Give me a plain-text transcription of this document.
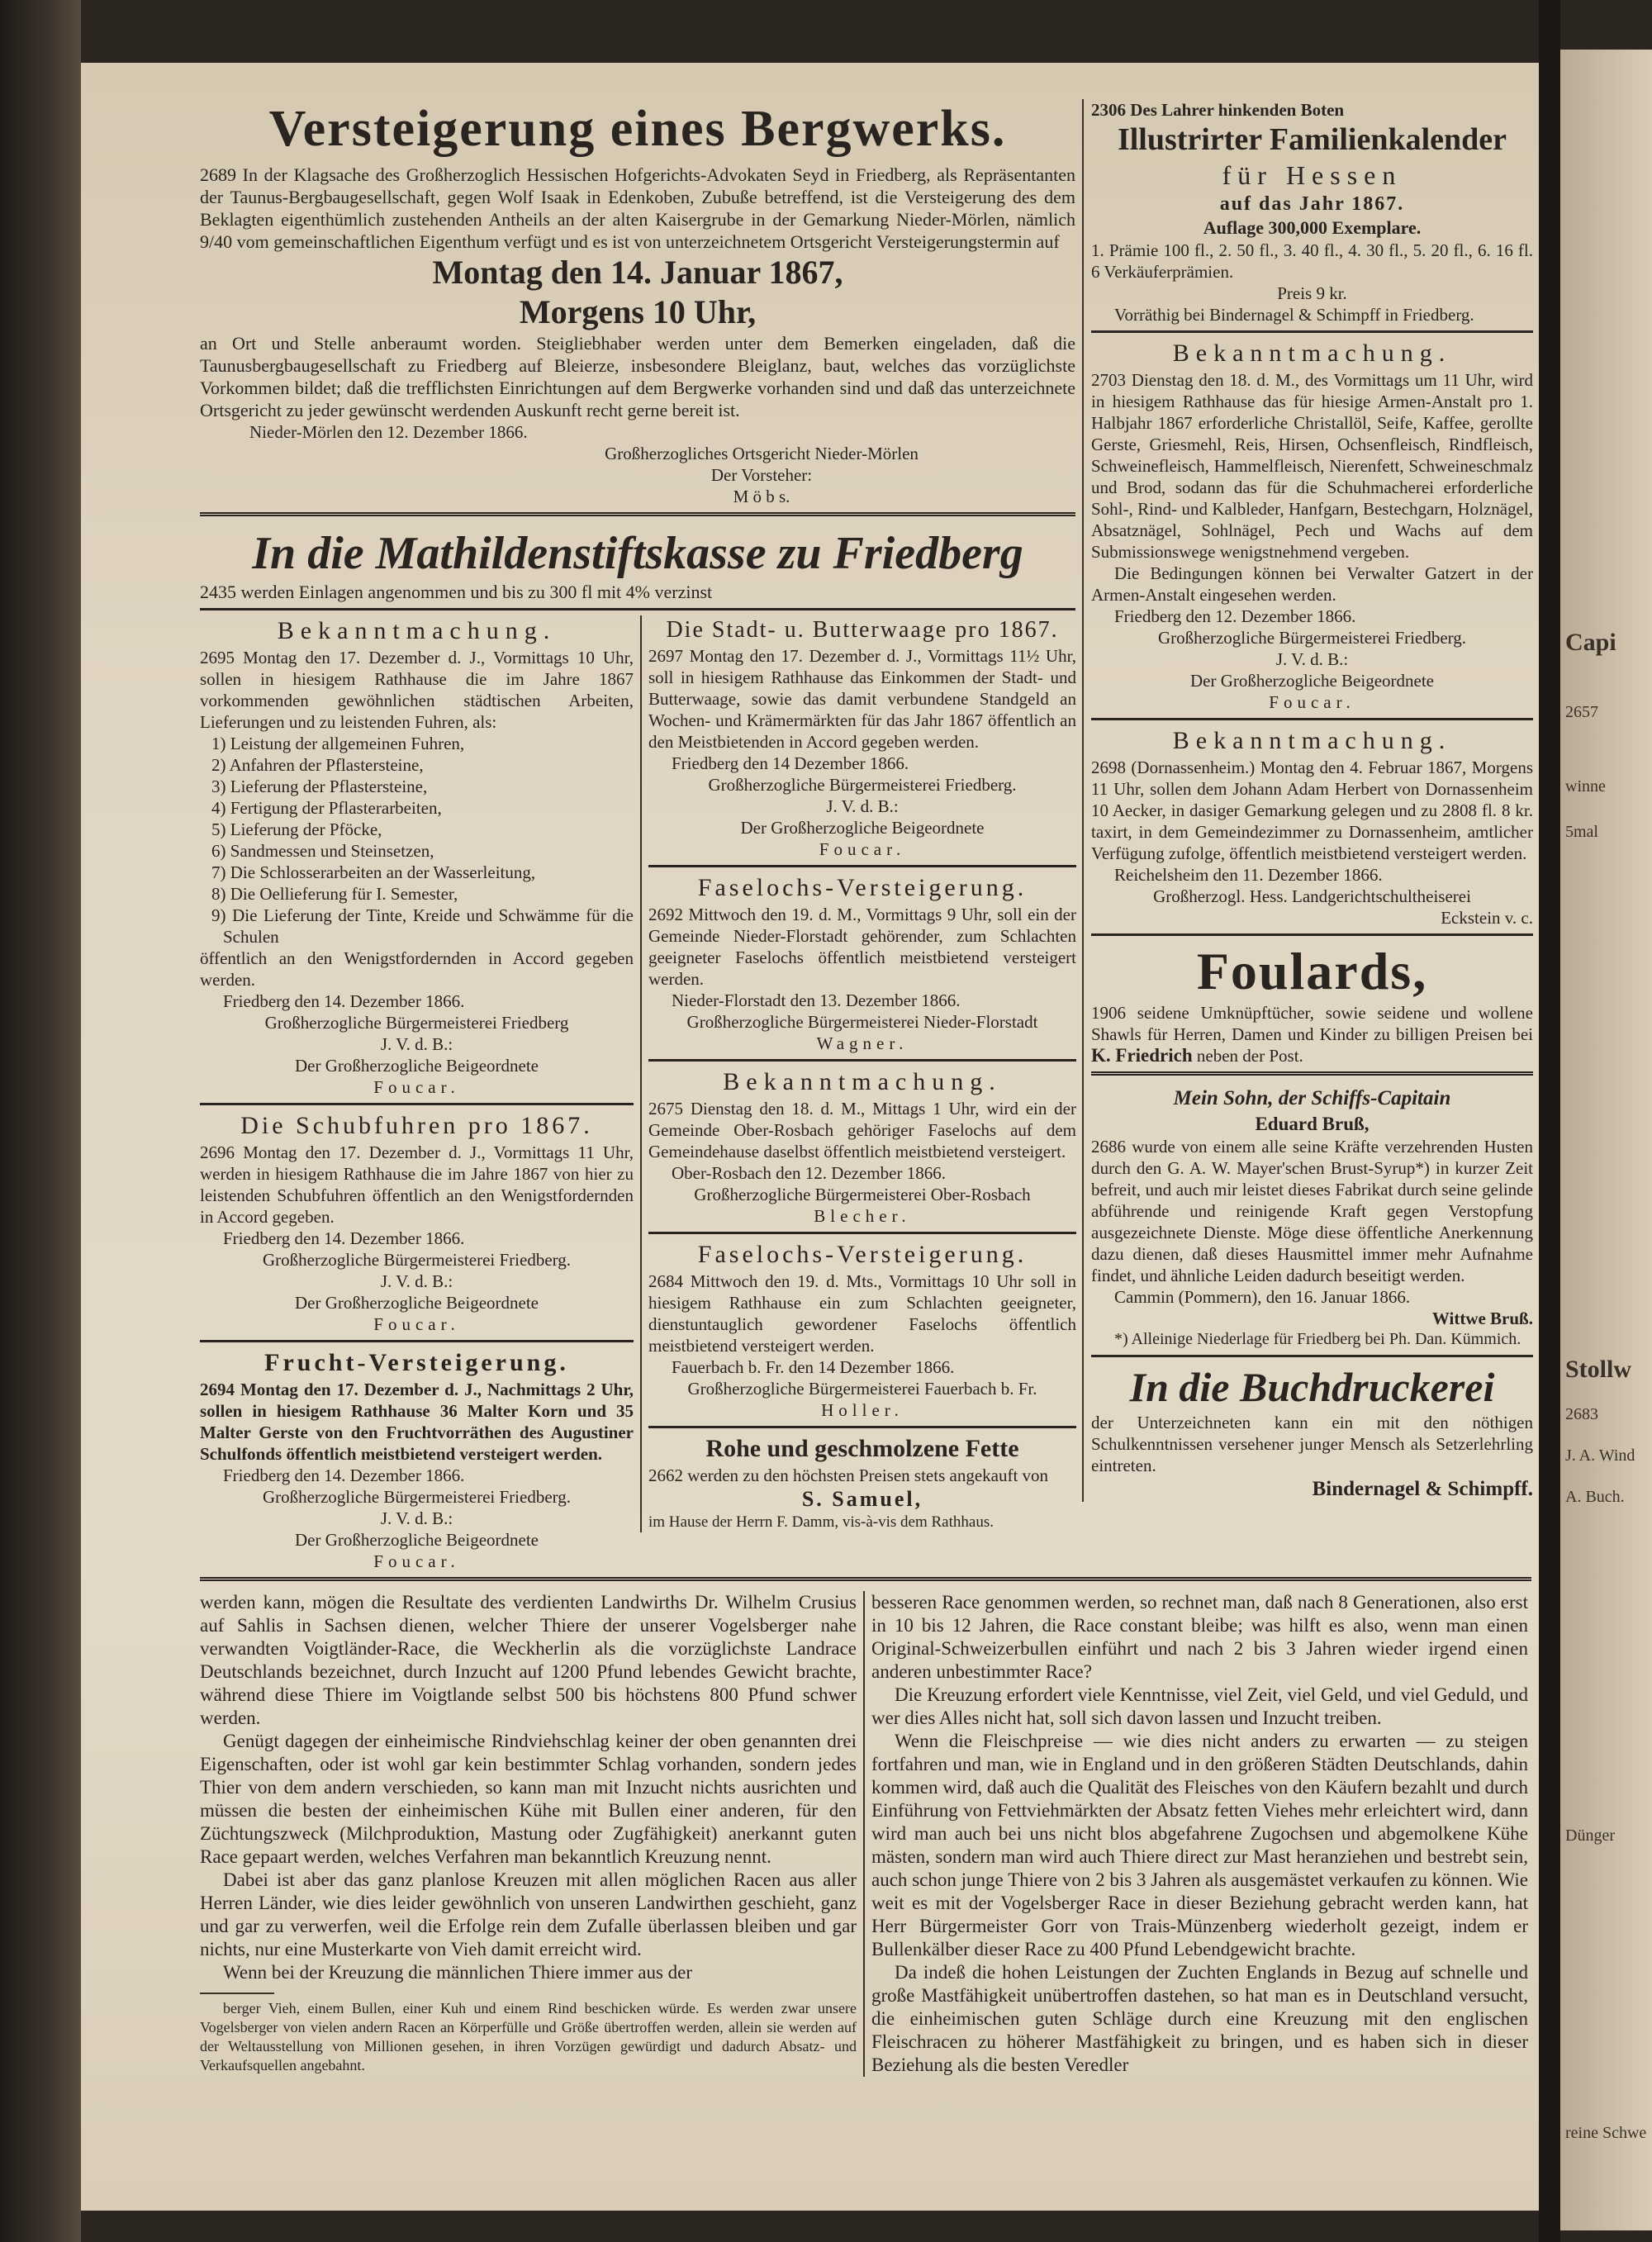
Capi
2657
winne
5mal
Stollw
2683
J. A. Wind
A. Buch.
Dünger
reine Schwe

Versteigerung eines Bergwerks.

2689 In der Klagsache des Großherzoglich Hessischen Hofgerichts-Advokaten Seyd in Friedberg, als Repräsentanten der Taunus-Bergbaugesellschaft, gegen Wolf Isaak in Edenkoben, Zubuße betreffend, ist die Versteigerung des dem Beklagten eigenthümlich zustehenden Antheils an der alten Kaisergrube in der Gemarkung Nieder-Mörlen, nämlich 9/40 vom gemeinschaftlichen Eigenthum verfügt und es ist von unterzeichnetem Ortsgericht Versteigerungstermin auf

Montag den 14. Januar 1867,

Morgens 10 Uhr,

an Ort und Stelle anberaumt worden. Steigliebhaber werden unter dem Bemerken eingeladen, daß die Taunusbergbaugesellschaft zu Friedberg auf Bleierze, insbesondere Bleiglanz, baut, welches das vorzüglichste Vorkommen bildet; daß die trefflichsten Einrichtungen auf dem Bergwerke vorhanden sind und daß das unterzeichnete Ortsgericht zu jeder gewünscht werdenden Auskunft recht gerne bereit ist.

Nieder-Mörlen den 12. Dezember 1866.

Großherzogliches Ortsgericht Nieder-Mörlen

Der Vorsteher:

M ö b s.

In die Mathildenstiftskasse zu Friedberg

2435 werden Einlagen angenommen und bis zu 300 fl mit 4% verzinst

Bekanntmachung.

2695 Montag den 17. Dezember d. J., Vormittags 10 Uhr, sollen in hiesigem Rathhause die im Jahre 1867 vorkommenden gewöhnlichen städtischen Arbeiten, Lieferungen und zu leistenden Fuhren, als:

1) Leistung der allgemeinen Fuhren,

2) Anfahren der Pflastersteine,

3) Lieferung der Pflastersteine,

4) Fertigung der Pflasterarbeiten,

5) Lieferung der Pföcke,

6) Sandmessen und Steinsetzen,

7) Die Schlosserarbeiten an der Wasserleitung,

8) Die Oellieferung für I. Semester,

9) Die Lieferung der Tinte, Kreide und Schwämme für die Schulen

öffentlich an den Wenigstfordernden in Accord gegeben werden.

Friedberg den 14. Dezember 1866.

Großherzogliche Bürgermeisterei Friedberg

J. V. d. B.:

Der Großherzogliche Beigeordnete

Foucar.

Die Schubfuhren pro 1867.

2696 Montag den 17. Dezember d. J., Vormittags 11 Uhr, werden in hiesigem Rathhause die im Jahre 1867 von hier zu leistenden Schubfuhren öffentlich an den Wenigstfordernden in Accord gegeben.

Friedberg den 14. Dezember 1866.

Großherzogliche Bürgermeisterei Friedberg.

J. V. d. B.:

Der Großherzogliche Beigeordnete

Foucar.

Frucht-Versteigerung.

2694 Montag den 17. Dezember d. J., Nachmittags 2 Uhr, sollen in hiesigem Rathhause 36 Malter Korn und 35 Malter Gerste von den Fruchtvorräthen des Augustiner Schulfonds öffentlich meistbietend versteigert werden.

Friedberg den 14. Dezember 1866.

Großherzogliche Bürgermeisterei Friedberg.

J. V. d. B.:

Der Großherzogliche Beigeordnete

Foucar.

Die Stadt- u. Butterwaage pro 1867.

2697 Montag den 17. Dezember d. J., Vormittags 11½ Uhr, soll in hiesigem Rathhause das Einkommen der Stadt- und Butterwaage, sowie das damit verbundene Standgeld an Wochen- und Krämermärkten für das Jahr 1867 öffentlich an den Meistbietenden in Accord gegeben werden.

Friedberg den 14 Dezember 1866.

Großherzogliche Bürgermeisterei Friedberg.

J. V. d. B.:

Der Großherzogliche Beigeordnete

Foucar.

Faselochs-Versteigerung.

2692 Mittwoch den 19. d. M., Vormittags 9 Uhr, soll ein der Gemeinde Nieder-Florstadt gehörender, zum Schlachten geeigneter Faselochs öffentlich meistbietend versteigert werden.

Nieder-Florstadt den 13. Dezember 1866.

Großherzogliche Bürgermeisterei Nieder-Florstadt

Wagner.

Bekanntmachung.

2675 Dienstag den 18. d. M., Mittags 1 Uhr, wird ein der Gemeinde Ober-Rosbach gehöriger Faselochs auf dem Gemeindehause daselbst öffentlich meistbietend versteigert.

Ober-Rosbach den 12. Dezember 1866.

Großherzogliche Bürgermeisterei Ober-Rosbach

Blecher.

Faselochs-Versteigerung.

2684 Mittwoch den 19. d. Mts., Vormittags 10 Uhr soll in hiesigem Rathhause ein zum Schlachten geeigneter, dienstuntauglich gewordener Faselochs öffentlich meistbietend versteigert werden.

Fauerbach b. Fr. den 14 Dezember 1866.

Großherzogliche Bürgermeisterei Fauerbach b. Fr.

Holler.

Rohe und geschmolzene Fette

2662 werden zu den höchsten Preisen stets angekauft von

S. Samuel,

im Hause der Herrn F. Damm, vis-à-vis dem Rathhaus.

2306 Des Lahrer hinkenden Boten

Illustrirter Familienkalender

für Hessen

auf das Jahr 1867.

Auflage 300,000 Exemplare.

1. Prämie 100 fl., 2. 50 fl., 3. 40 fl., 4. 30 fl., 5. 20 fl., 6. 16 fl. 6 Verkäuferprämien.

Preis 9 kr.

Vorräthig bei Bindernagel & Schimpff in Friedberg.

Bekanntmachung.

2703 Dienstag den 18. d. M., des Vormittags um 11 Uhr, wird in hiesigem Rathhause das für hiesige Armen-Anstalt pro 1. Halbjahr 1867 erforderliche Christallöl, Seife, Kaffee, gerollte Gerste, Griesmehl, Reis, Hirsen, Ochsenfleisch, Rindfleisch, Schweinefleisch, Hammelfleisch, Nierenfett, Schweineschmalz und Brod, sodann das für die Schuhmacherei erforderliche Sohl-, Rind- und Kalbleder, Hanfgarn, Bestechgarn, Holznägel, Absatznägel, Sohlnägel, Pech und Wachs auf dem Submissionswege wenigstnehmend vergeben.

Die Bedingungen können bei Verwalter Gatzert in der Armen-Anstalt eingesehen werden.

Friedberg den 12. Dezember 1866.

Großherzogliche Bürgermeisterei Friedberg.

J. V. d. B.:

Der Großherzogliche Beigeordnete

Foucar.

Bekanntmachung.

2698 (Dornassenheim.) Montag den 4. Februar 1867, Morgens 11 Uhr, sollen dem Johann Adam Herbert von Dornassenheim 10 Aecker, in dasiger Gemarkung gelegen und zu 2808 fl. 8 kr. taxirt, in dem Gemeindezimmer zu Dornassenheim, amtlicher Verfügung zufolge, öffentlich meistbietend versteigert werden.

Reichelsheim den 11. Dezember 1866.

Großherzogl. Hess. Landgerichtschultheiserei

Eckstein v. c.

Foulards,

1906 seidene Umknüpftücher, sowie seidene und wollene Shawls für Herren, Damen und Kinder zu billigen Preisen bei K. Friedrich neben der Post.

Mein Sohn, der Schiffs-Capitain

Eduard Bruß,

2686 wurde von einem alle seine Kräfte verzehrenden Husten durch den G. A. W. Mayer'schen Brust-Syrup*) in kurzer Zeit befreit, und auch mir leistet dieses Fabrikat durch seine gelinde abführende und reinigende Kraft gegen Verstopfung ausgezeichnete Dienste. Möge diese öffentliche Anerkennung dazu dienen, daß dieses Hausmittel immer mehr Aufnahme findet, und ähnliche Leiden dadurch beseitigt werden.

Cammin (Pommern), den 16. Januar 1866.

Wittwe Bruß.

*) Alleinige Niederlage für Friedberg bei Ph. Dan. Kümmich.

In die Buchdruckerei

der Unterzeichneten kann ein mit den nöthigen Schulkenntnissen versehener junger Mensch als Setzerlehrling eintreten.

Bindernagel & Schimpff.

werden kann, mögen die Resultate des verdienten Landwirths Dr. Wilhelm Crusius auf Sahlis in Sachsen dienen, welcher Thiere der unserer Vogelsberger nahe verwandten Voigtländer-Race, die Weckherlin als die vorzüglichste Landrace Deutschlands bezeichnet, durch Inzucht auf 1200 Pfund lebendes Gewicht brachte, während diese Thiere im Voigtlande selbst 500 bis höchstens 800 Pfund schwer werden.

Genügt dagegen der einheimische Rindviehschlag keiner der oben genannten drei Eigenschaften, oder ist wohl gar kein bestimmter Schlag vorhanden, sondern jedes Thier von dem andern verschieden, so kann man mit Inzucht nichts ausrichten und müssen die besten der einheimischen Kühe mit Bullen einer anderen, für den Züchtungszweck (Milchproduktion, Mastung oder Zugfähigkeit) anerkannt guten Race gepaart werden, welches Verfahren man bekanntlich Kreuzung nennt.

Dabei ist aber das ganz planlose Kreuzen mit allen möglichen Racen aus aller Herren Länder, wie dies leider gewöhnlich von unseren Landwirthen geschieht, ganz und gar zu verwerfen, weil die Erfolge rein dem Zufalle überlassen bleiben und gar nichts, nur eine Musterkarte von Vieh damit erreicht wird.

Wenn bei der Kreuzung die männlichen Thiere immer aus der

berger Vieh, einem Bullen, einer Kuh und einem Rind beschicken würde. Es werden zwar unsere Vogelsberger von vielen andern Racen an Körperfülle und Größe übertroffen werden, allein sie werden auf der Weltausstellung von Millionen gesehen, in ihren Vorzügen gewürdigt und dadurch Absatz- und Verkaufsquellen angebahnt.

besseren Race genommen werden, so rechnet man, daß nach 8 Generationen, also erst in 10 bis 12 Jahren, die Race constant bleibe; was hilft es also, wenn man einen Original-Schweizerbullen einführt und nach 2 bis 3 Jahren wieder irgend einen anderen unbestimmter Race?

Die Kreuzung erfordert viele Kenntnisse, viel Zeit, viel Geld, und viel Geduld, und wer dies Alles nicht hat, soll sich davon lassen und Inzucht treiben.

Wenn die Fleischpreise — wie dies nicht anders zu erwarten — zu steigen fortfahren und man, wie in England und in den größeren Städten Deutschlands, dahin kommen wird, daß auch die Qualität des Fleisches von den Käufern bezahlt und durch Einführung von Fettviehmärkten der Absatz fetten Viehes mehr erleichtert wird, dann wird man auch bei uns nicht blos abgefahrene Zugochsen und abgemolkene Kühe mästen, sondern man wird auch Thiere direct zur Mast heranziehen und bestrebt sein, auch schon junge Thiere von 2 bis 3 Jahren als ausgemästet verkaufen zu können. Wie weit es mit der Vogelsberger Race in dieser Beziehung gebracht werden kann, hat Herr Bürgermeister Gorr von Trais-Münzenberg wiederholt gezeigt, indem er Bullenkälber dieser Race zu 400 Pfund Lebendgewicht brachte.

Da indeß die hohen Leistungen der Zuchten Englands in Bezug auf schnelle und große Mastfähigkeit unübertroffen dastehen, so hat man es in Deutschland versucht, die einheimischen guten Schläge durch eine Kreuzung mit den englischen Fleischracen zu höherer Mastfähigkeit zu bringen, und es haben sich in dieser Beziehung als die besten Veredler
